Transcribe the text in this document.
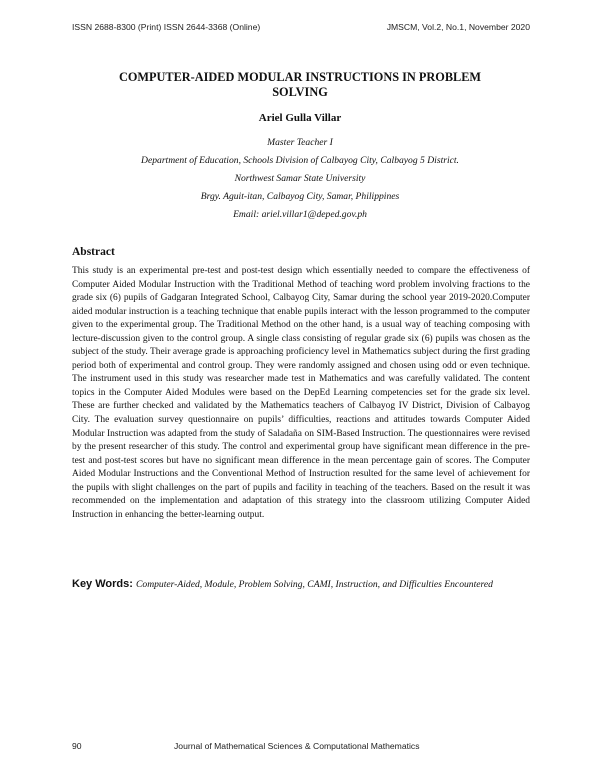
ISSN 2688-8300 (Print) ISSN 2644-3368 (Online)	JMSCM, Vol.2, No.1, November 2020
COMPUTER-AIDED MODULAR INSTRUCTIONS IN PROBLEM SOLVING
Ariel Gulla Villar
Master Teacher I
Department of Education, Schools Division of Calbayog City, Calbayog 5 District.
Northwest Samar State University
Brgy. Aguit-itan, Calbayog City, Samar, Philippines
Email: ariel.villar1@deped.gov.ph
Abstract
This study is an experimental pre-test and post-test design which essentially needed to compare the effectiveness of Computer Aided Modular Instruction with the Traditional Method of teaching word problem involving fractions to the grade six (6) pupils of Gadgaran Integrated School, Calbayog City, Samar during the school year 2019-2020.Computer aided modular instruction is a teaching technique that enable pupils interact with the lesson programmed to the computer given to the experimental group. The Traditional Method on the other hand, is a usual way of teaching composing with lecture-discussion given to the control group. A single class consisting of regular grade six (6) pupils was chosen as the subject of the study. Their average grade is approaching proficiency level in Mathematics subject during the first grading period both of experimental and control group. They were randomly assigned and chosen using odd or even technique. The instrument used in this study was researcher made test in Mathematics and was carefully validated. The content topics in the Computer Aided Modules were based on the DepEd Learning competencies set for the grade six level. These are further checked and validated by the Mathematics teachers of Calbayog IV District, Division of Calbayog City. The evaluation survey questionnaire on pupils’ difficulties, reactions and attitudes towards Computer Aided Modular Instruction was adapted from the study of Saladaña on SIM-Based Instruction. The questionnaires were revised by the present researcher of this study. The control and experimental group have significant mean difference in the pre-test and post-test scores but have no significant mean difference in the mean percentage gain of scores. The Computer Aided Modular Instructions and the Conventional Method of Instruction resulted for the same level of achievement for the pupils with slight challenges on the part of pupils and facility in teaching of the teachers. Based on the result it was recommended on the implementation and adaptation of this strategy into the classroom utilizing Computer Aided Instruction in enhancing the better-learning output.
Key Words: Computer-Aided, Module, Problem Solving, CAMI, Instruction, and Difficulties Encountered
90	Journal of Mathematical Sciences & Computational Mathematics
